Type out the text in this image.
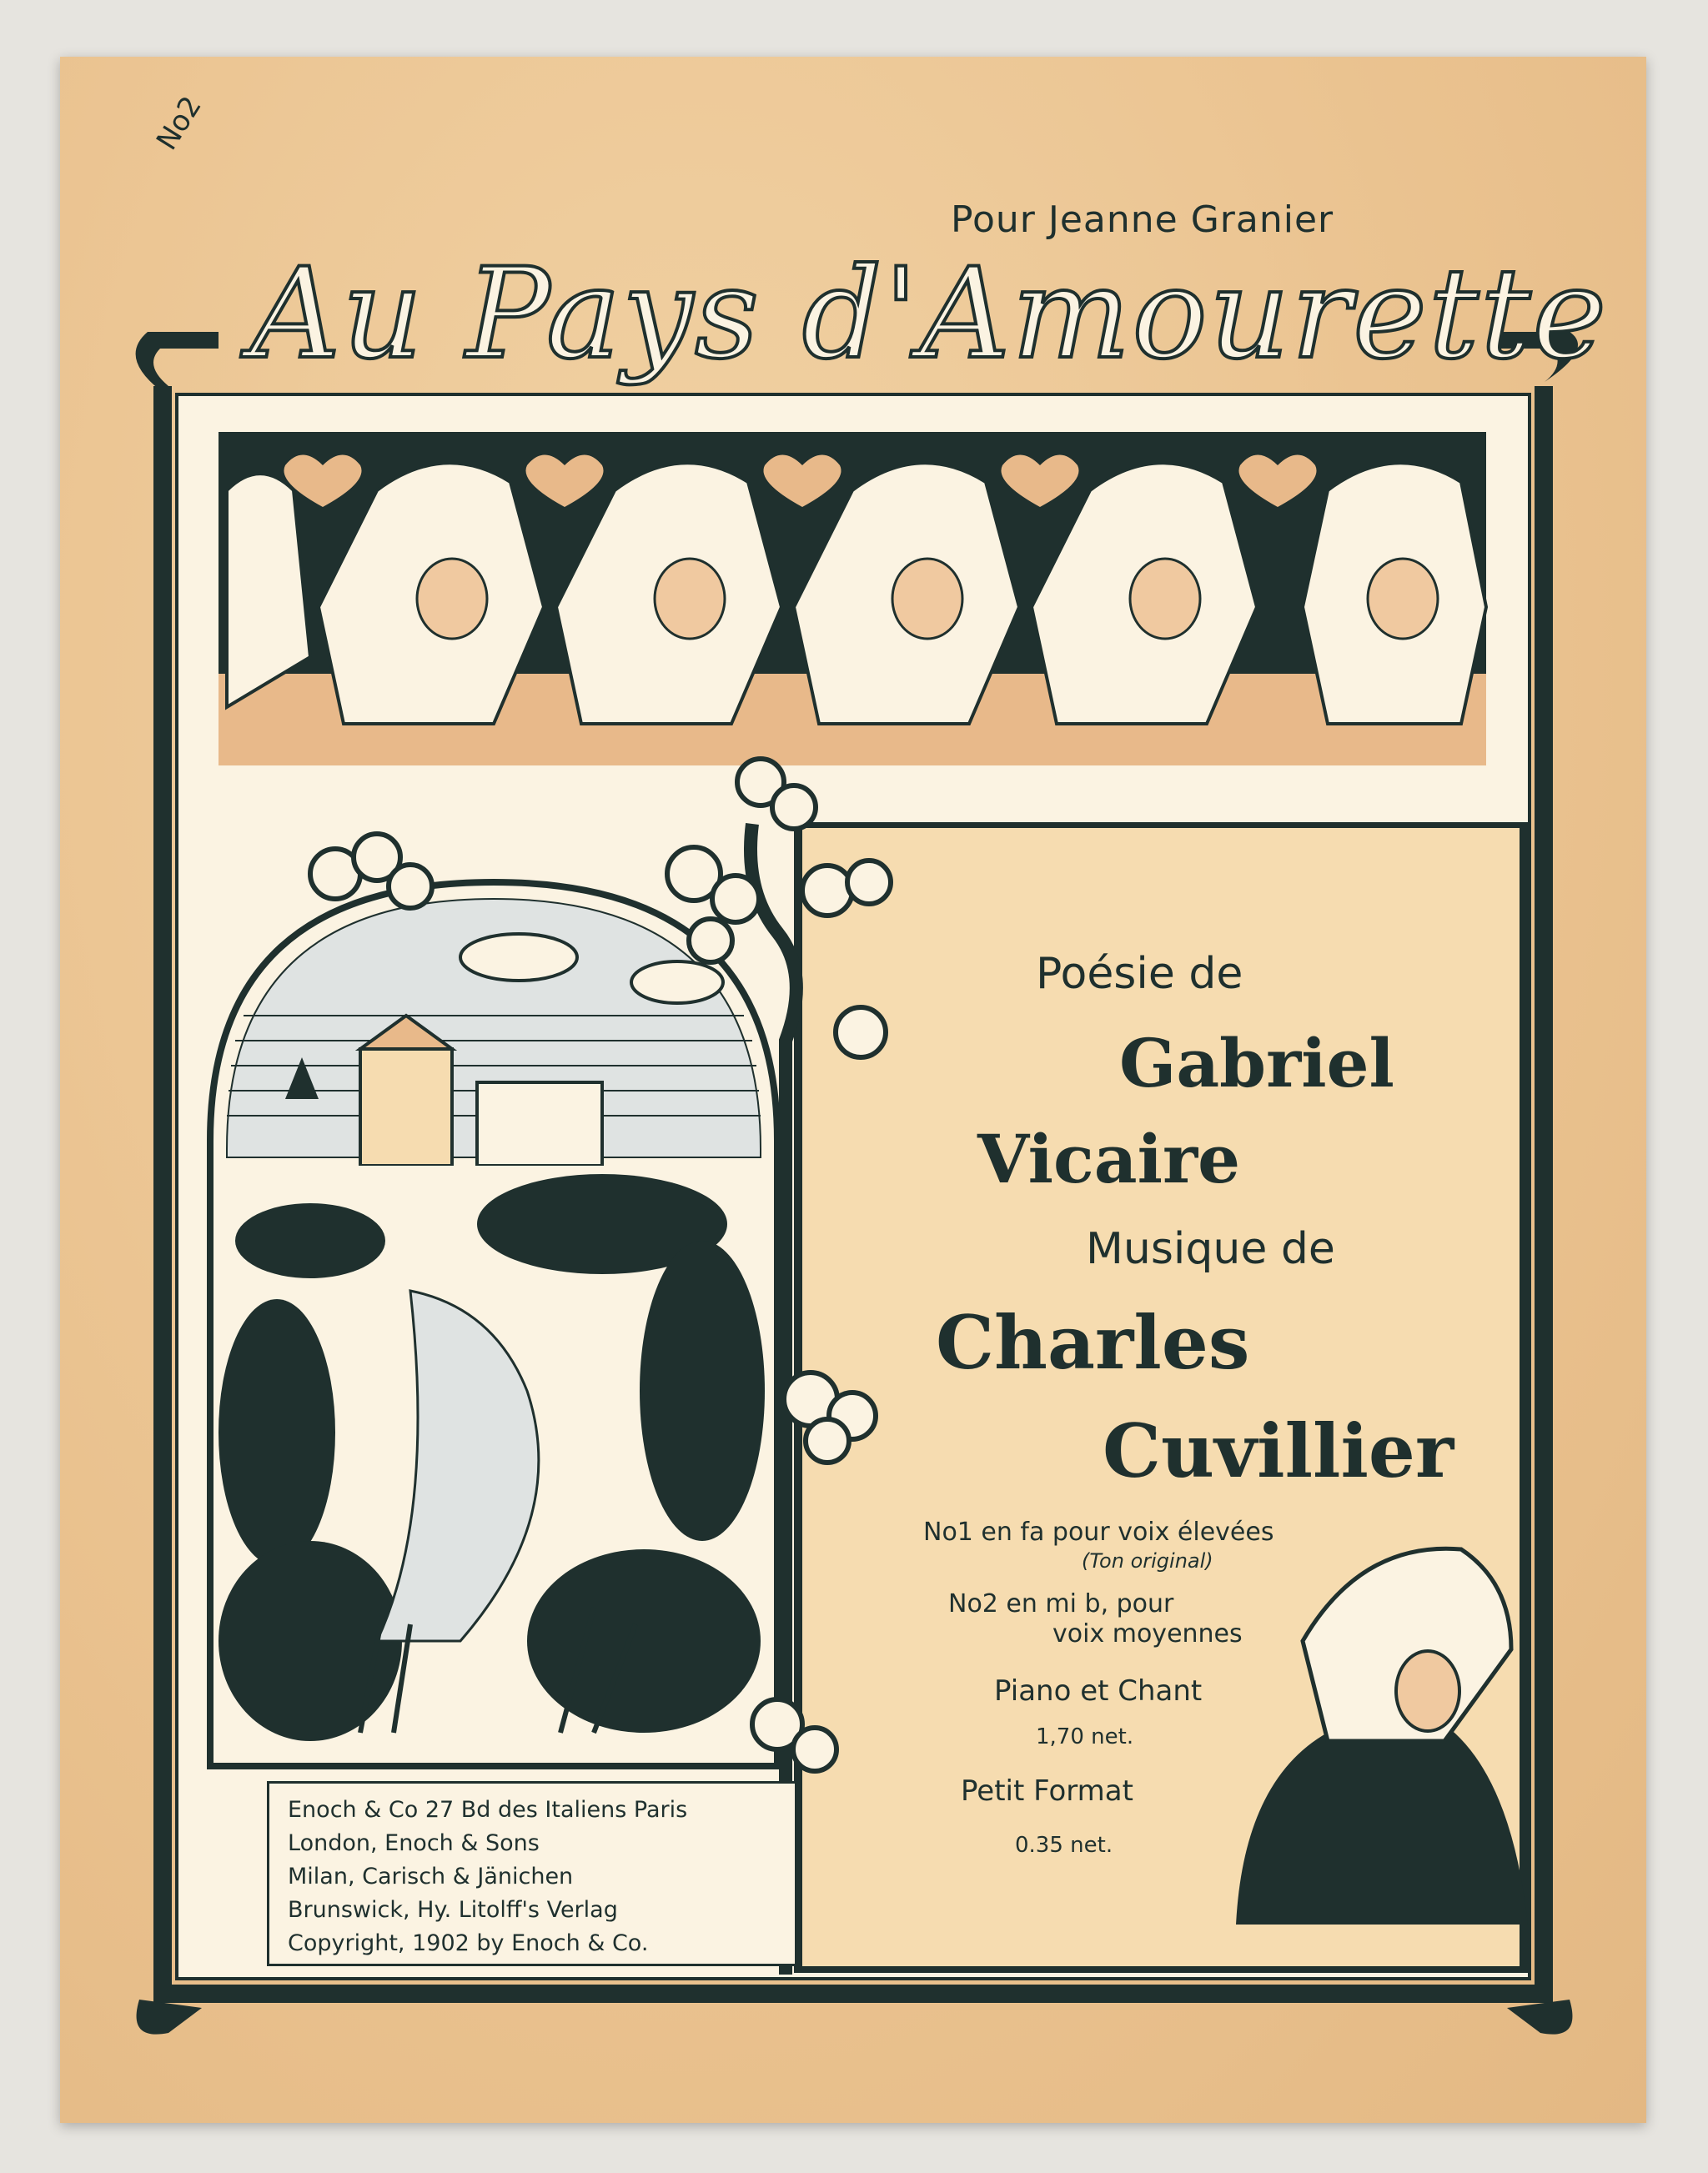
No2
Pour Jeanne Granier
Au Pays d'Amourette
Poésie de
Gabriel
Vicaire
Musique de
Charles
Cuvillier
No1 en fa pour voix élevées
(Ton original)
No2 en mi b, pour
voix moyennes
Piano et Chant
1,70 net.
Petit Format
0.35 net.
Enoch & Co 27 Bd des Italiens Paris
London, Enoch & Sons
Milan, Carisch & Jänichen
Brunswick, Hy. Litolff's Verlag
Copyright, 1902 by Enoch & Co.
